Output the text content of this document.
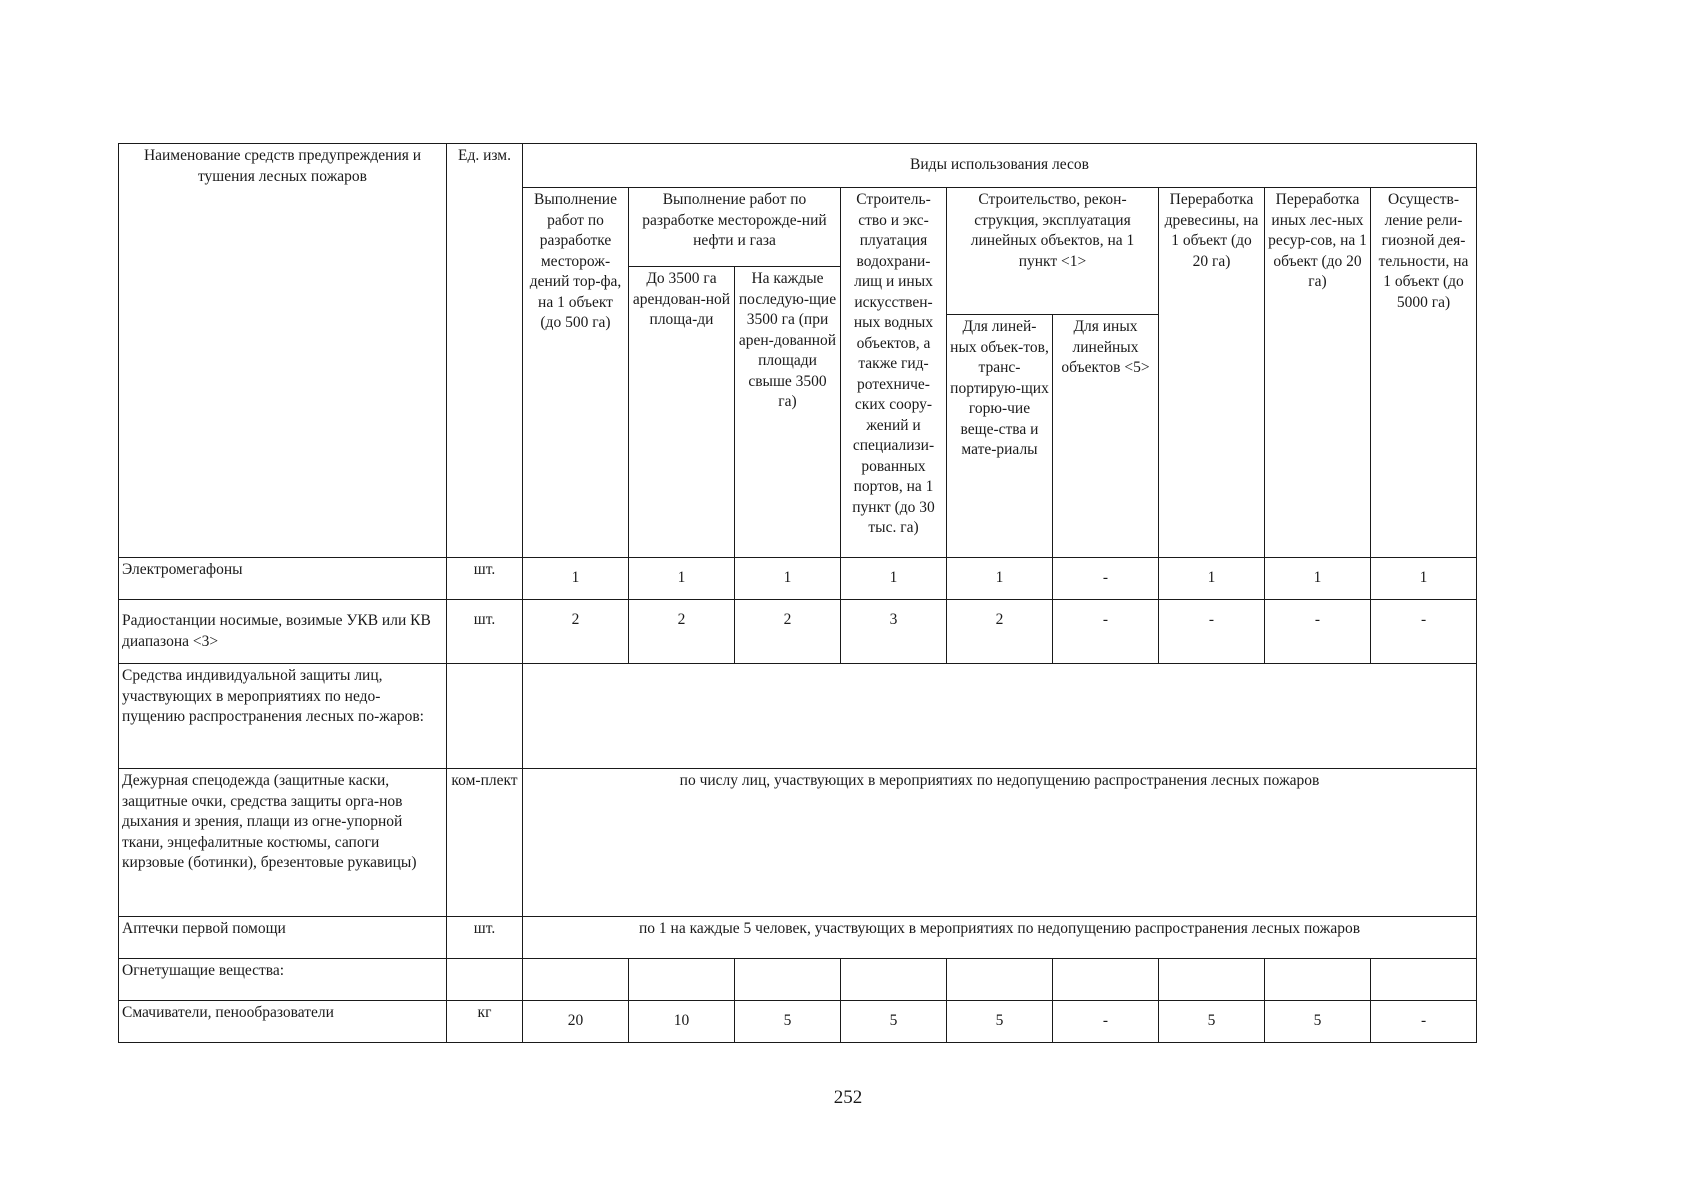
Наименование средств предупреждения и тушения лесных пожаров	Ед. изм.	Виды использования лесов								
		Выполнение работ по разработке месторож-дений тор-фа, на 1 объект (до 500 га)	Выполнение работ по разработке месторожде-ний нефти и газа		Строитель-ство и экс-плуатация водохрани-лищ и иных искусствен-ных водных объектов, а также гид-ротехниче-ских соору-жений и специализи-рованных портов, на 1 пункт (до 30 тыс. га)	Строительство, рекон-струкция, эксплуатация линейных объектов, на 1 пункт <1>		Переработка древесины, на 1 объект (до 20 га)	Переработка иных лес-ных ресур-сов, на 1 объект (до 20 га)	Осуществ-ление рели-гиозной дея-тельности, на 1 объект (до 5000 га)
			До 3500 га арендован-ной площа-ди	На каждые последую-щие 3500 га (при арен-дованной площади свыше 3500 га)						
						Для линей-ных объек-тов, транс-портирую-щих горю-чие веще-ства и мате-риалы	Для иных линейных объектов <5>			
Электромегафоны	шт.	1	1	1	1	1	-	1	1	1
Радиостанции носимые, возимые УКВ или КВ диапазона <3>	шт.	2	2	2	3	2	-	-	-	-
Средства индивидуальной защиты лиц, участвующих в мероприятиях по недо-пущению распространения лесных по-жаров:										
Дежурная спецодежда (защитные каски, защитные очки, средства защиты орга-нов дыхания и зрения, плащи из огне-упорной ткани, энцефалитные костюмы, сапоги кирзовые (ботинки), брезентовые рукавицы)	ком-плект	по числу лиц, участвующих в мероприятиях по недопущению распространения лесных пожаров								
Аптечки первой помощи	шт.	по 1 на каждые 5 человек, участвующих в мероприятиях по недопущению распространения лесных пожаров								
Огнетушащие вещества:										
Смачиватели, пенообразователи	кг	20	10	5	5	5	-	5	5	-
252
